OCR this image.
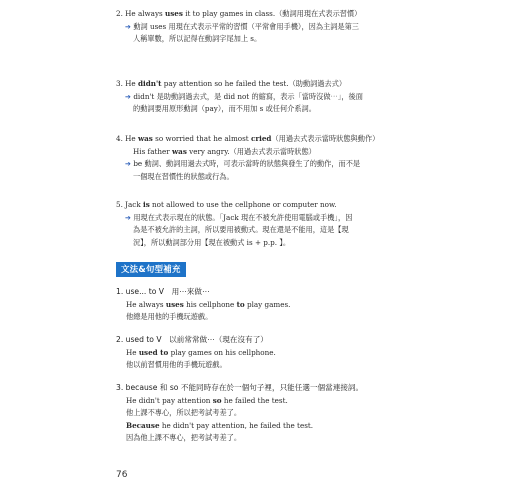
2. He always uses it to play games in class.（動詞用現在式表示習慣）
➔ 動詞 uses 用現在式表示平常的習慣（平常會用手機），因為主詞是第三
人稱單數，所以記得在動詞字尾加上 s。
3. He didn't pay attention so he failed the test.（助動詞過去式）
➔ didn't 是助動詞過去式，是 did not 的縮寫，表示「當時沒做⋯」，後面
的動詞要用原形動詞（pay），而不用加 s 或任何介系詞。
4. He was so worried that he almost cried（用過去式表示當時狀態與動作）
His father was very angry.（用過去式表示當時狀態）
➔ be 動詞、動詞用過去式時，可表示當時的狀態與發生了的動作，而不是
一個現在習慣性的狀態或行為。
5. Jack is not allowed to use the cellphone or computer now.
➔ 用現在式表示現在的狀態。「Jack 現在不被允許使用電腦或手機」，因
為是不被允許的主詞，所以要用被動式。現在還是不能用，這是【現
況】，所以動詞部分用【現在被動式 is + p.p. 】。
文法&句型補充
1. use... to V　用⋯來做⋯
He always uses his cellphone to play games.
他總是用他的手機玩遊戲。
2. used to V　以前常常做⋯（現在沒有了）
He used to play games on his cellphone.
他以前習慣用他的手機玩遊戲。
3. because 和 so 不能同時存在於一個句子裡，只能任選一個當連接詞。
He didn't pay attention so he failed the test.
他上課不專心，所以把考試考差了。
Because he didn't pay attention, he failed the test.
因為他上課不專心，把考試考差了。
76
